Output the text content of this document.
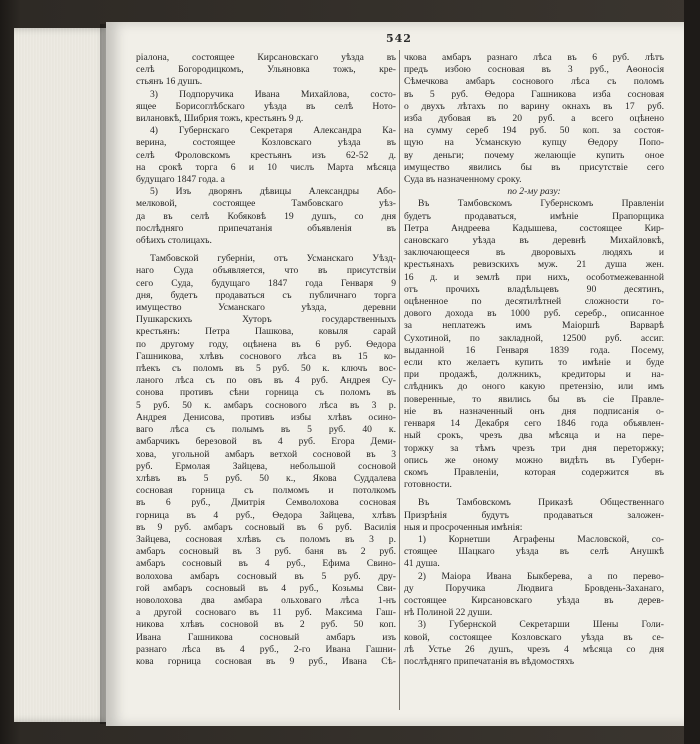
542
ріалона, состоящее Кирсановскаго уѣзда въ
селѣ Богородицкомъ, Ульяновка тожъ, кре-
стьянъ 16 душъ.
3) Подпоручика Ивана Михайлова, состо-
ящее Борисоглѣбскаго уѣзда въ селѣ Ното-
вилановкѣ, Шибрия тожъ, крестьянъ 9 д.
4) Губернскаго Секретаря Александра Ка-
верина, состоящее Козловскаго уѣзда въ
селѣ Фроловскомъ крестьянъ изъ 62-52 д.
на срокѣ торга 6 и 10 числъ Марта мѣсяца
будущаго 1847 года. а
5) Изъ дворянъ дѣвицы Александры Або-
мелковой, состоящее Тамбовскаго уѣз-
да въ селѣ Кобяковѣ 19 душъ, со дня
послѣдняго припечатанія объявленія въ
обѣихъ столицахъ.
Тамбовской губерніи, отъ Усманскаго Уѣзд-
наго Суда объявляется, что въ присутствіи
сего Суда, будущаго 1847 года Генваря 9
дня, будетъ продаваться съ публичнаго торга
имущество Усманскаго уѣзда, деревни
Пушкарскихъ Хуторъ государственныхъ
крестьянъ: Петра Пашкова, ковыля сарай
по другому году, оцѣнена въ 6 руб. Ѳедора
Гашникова, хлѣвъ соснового лѣса въ 15 ко-
пѣекъ съ поломъ въ 5 руб. 50 к. ключъ вос-
ланого лѣса съ по овъ въ 4 руб. Андрея Су-
сонова противъ сѣни горница съ поломъ въ
5 руб. 50 к. амбаръ соснового лѣса въ 3 р.
Андрея Денисова, противъ избы хлѣвъ осино-
ваго лѣса съ полымъ въ 5 руб. 40 к.
амбарчикъ березовой въ 4 руб. Егора Деми-
хова, угольной амбаръ ветхой сосновой въ 3
руб. Ермолая Зайцева, небольшой сосновой
хлѣвъ въ 5 руб. 50 к., Якова Суддалева
сосновая горница съ полмомъ и потолкомъ
въ 6 руб., Дмитрія Семволохова сосновая
горница въ 4 руб., Ѳедора Зайцева, хлѣвъ
въ 9 руб. амбаръ сосновый въ 6 руб. Василія
Зайцева, сосновая хлѣвъ съ поломъ въ 3 р.
амбаръ сосновый въ 3 руб. баня въ 2 руб.
амбаръ сосновый въ 4 руб., Ефима Свино-
волохова амбаръ сосновый въ 5 руб. дру-
гой амбаръ сосновый въ 4 руб., Козьмы Сви-
новолохова два амбара ольховаго лѣса 1-нъ
а другой сосноваго въ 11 руб. Максима Гаш-
никова хлѣвъ сосновой въ 2 руб. 50 коп.
Ивана Гашникова сосновый амбаръ изъ
разнаго лѣса въ 4 руб., 2-го Ивана Гашни-
кова горница сосновая въ 9 руб., Ивана Сѣ-
чкова амбаръ разнаго лѣса въ 6 руб. лѣтъ
предъ избою сосновая въ 3 руб., Аѳоносія
Сѣмечкова амбаръ соснового лѣса съ поломъ
въ 5 руб. Ѳедора Гашникова изба сосновая
о двухъ лѣтахъ по варину окнахъ въ 17 руб.
изба дубовая въ 20 руб. а всего оцѣнено
на сумму сереб 194 руб. 50 коп. за состоя-
щую на Усманскую купцу Ѳедору Попо-
ву деньги; почему желающіе купить оное
имущество явились бы въ присутствіе сего
Суда въ назначенному сроку.
по 2-му разу:
Въ Тамбовскомъ Губернскомъ Правленіи
будетъ продаваться, имѣніе Прапорщика
Петра Андреева Кадышева, состоящее Кир-
сановскаго уѣзда въ деревнѣ Михайловкѣ,
заключающееся въ дворовыхъ людяхъ и
крестьянахъ ревизскихъ муж. 21 душа жен.
16 д. и землѣ при нихъ, особотмежеванной
отъ прочихъ владѣльцевъ 90 десятинъ,
оцѣненное по десятилѣтней сложности го-
дового дохода въ 1000 руб. серебр., описанное
за неплатежъ имъ Маіоршѣ Варварѣ
Сухотиной, по закладной, 12500 руб. ассиг.
выданной 16 Генваря 1839 года. Посему,
если кто желаетъ купить то имѣніе и буде
при продажѣ, должникъ, кредиторы и на-
слѣдникъ до оного какую претензію, или имъ
поверенные, то явились бы въ сіе Правле-
ніе въ назначенный онъ дня подписанія о-
генваря 14 Декабря сего 1846 года объявлен-
ный срокъ, чрезъ два мѣсяца и на пере-
торжку за тѣмъ чрезъ три дня переторжку;
опись же оному можно видѣть въ Губерн-
скомъ Правленіи, которая содержится въ
готовности.
Въ Тамбовскомъ Приказѣ Общественнаго
Призрѣнія будутъ продаваться заложен-
ныя и просроченныя имѣнія:
1) Корнетши Аграфены Масловской, со-
стоящее Шацкаго уѣзда въ селѣ Анушкѣ
41 душа.
2) Маіора Ивана Быкберева, а по перево-
ду Поручика Людвига Бровдень-Заханаго,
состоящее Кирсановскаго уѣзда въ дерев-
нѣ Полиной 22 души.
3) Губернской Секретарши Шены Голи-
ковой, состоящее Козловскаго уѣзда въ се-
лѣ Устье 26 душъ, чрезъ 4 мѣсяца со дня
послѣдняго припечатанія въ вѣдомостяхъ
